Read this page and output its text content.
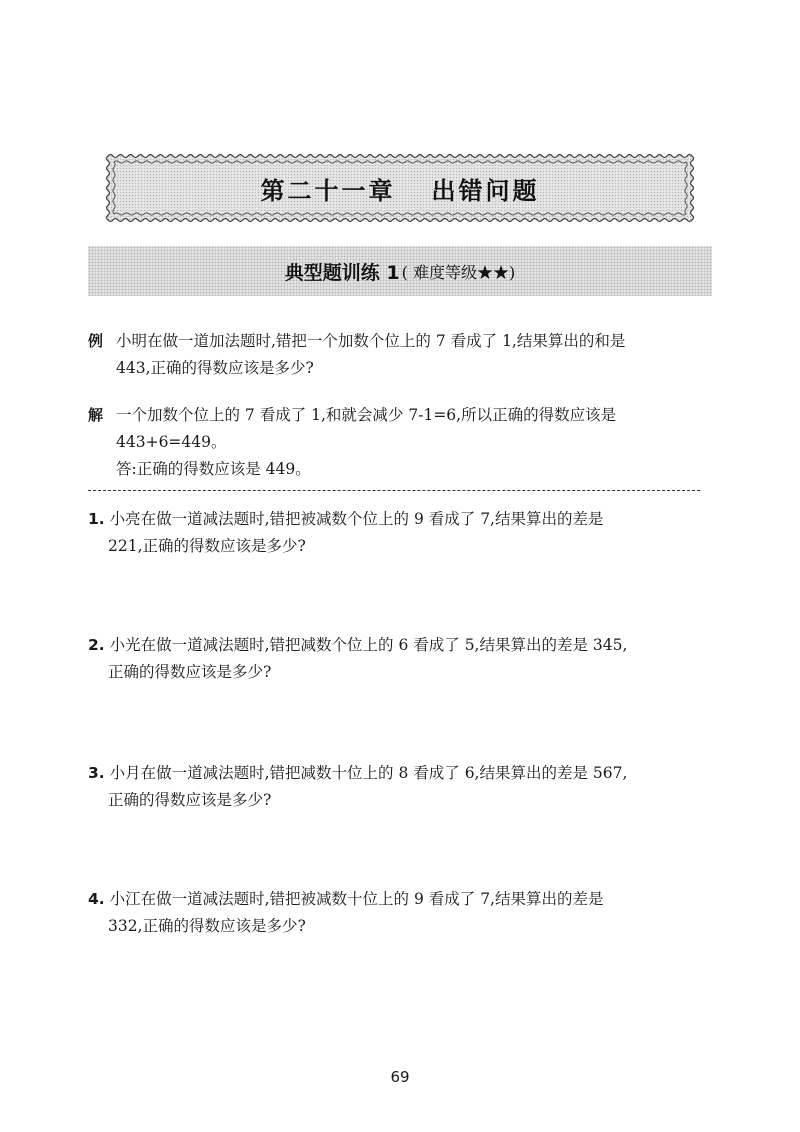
第二十一章 出错问题
典型题训练 1 ( 难度等级★★)
例 小明在做一道加法题时,错把一个加数个位上的 7 看成了 1,结果算出的和是
443,正确的得数应该是多少?
解 一个加数个位上的 7 看成了 1,和就会减少 7-1=6,所以正确的得数应该是
443+6=449。
答:正确的得数应该是 449。
1. 小亮在做一道减法题时,错把被减数个位上的 9 看成了 7,结果算出的差是
221,正确的得数应该是多少?
2. 小光在做一道减法题时,错把减数个位上的 6 看成了 5,结果算出的差是 345,
正确的得数应该是多少?
3. 小月在做一道减法题时,错把减数十位上的 8 看成了 6,结果算出的差是 567,
正确的得数应该是多少?
4. 小江在做一道减法题时,错把被减数十位上的 9 看成了 7,结果算出的差是
332,正确的得数应该是多少?
69
